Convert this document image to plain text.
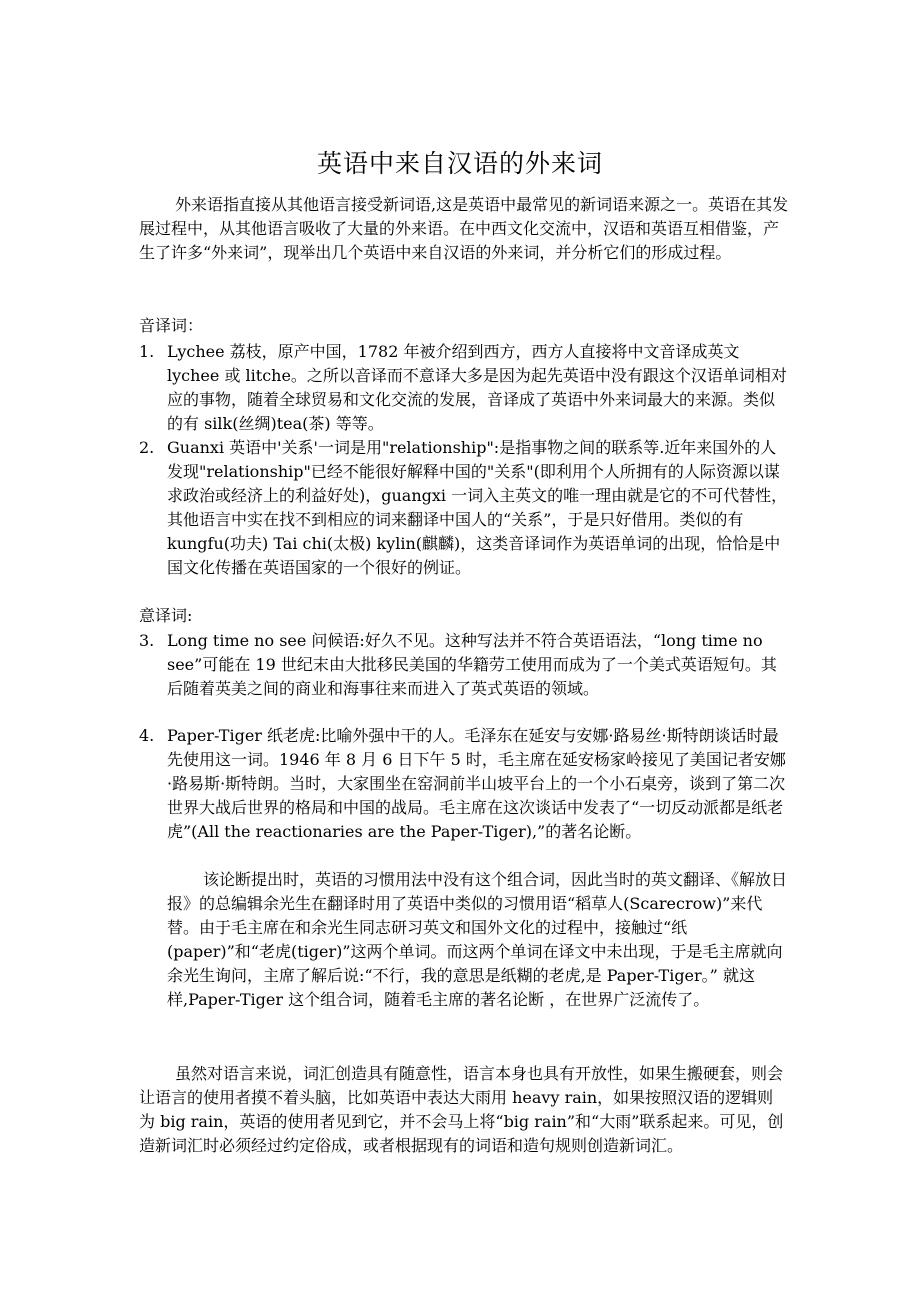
英语中来自汉语的外来词
外来语指直接从其他语言接受新词语,这是英语中最常见的新词语来源之一。英语在其发展过程中，从其他语言吸收了大量的外来语。在中西文化交流中，汉语和英语互相借鉴，产生了许多“外来词”，现举出几个英语中来自汉语的外来词，并分析它们的形成过程。
音译词：
1. Lychee 荔枝，原产中国，1782 年被介绍到西方，西方人直接将中文音译成英文 lychee 或 litche。之所以音译而不意译大多是因为起先英语中没有跟这个汉语单词相对应的事物，随着全球贸易和文化交流的发展，音译成了英语中外来词最大的来源。类似的有 silk(丝绸)tea(茶) 等等。
2. Guanxi 英语中'关系'一词是用"relationship":是指事物之间的联系等.近年来国外的人发现"relationship"已经不能很好解释中国的"关系"(即利用个人所拥有的人际资源以谋求政治或经济上的利益好处)，guangxi 一词入主英文的唯一理由就是它的不可代替性，其他语言中实在找不到相应的词来翻译中国人的“关系”，于是只好借用。类似的有 kungfu(功夫) Tai chi(太极) kylin(麒麟)，这类音译词作为英语单词的出现，恰恰是中国文化传播在英语国家的一个很好的例证。
意译词:
3. Long time no see 问候语:好久不见。这种写法并不符合英语语法，“long time no see”可能在 19 世纪末由大批移民美国的华籍劳工使用而成为了一个美式英语短句。其后随着英美之间的商业和海事往来而进入了英式英语的领域。
4. Paper-Tiger 纸老虎:比喻外强中干的人。毛泽东在延安与安娜·路易丝·斯特朗谈话时最先使用这一词。1946 年 8 月 6 日下午 5 时，毛主席在延安杨家岭接见了美国记者安娜·路易斯·斯特朗。当时，大家围坐在窑洞前半山坡平台上的一个小石桌旁，谈到了第二次世界大战后世界的格局和中国的战局。毛主席在这次谈话中发表了“一切反动派都是纸老虎”(All the reactionaries are the Paper-Tiger),”的著名论断。
该论断提出时，英语的习惯用法中没有这个组合词，因此当时的英文翻译、《解放日报》的总编辑余光生在翻译时用了英语中类似的习惯用语“稻草人(Scarecrow)”来代替。由于毛主席在和余光生同志研习英文和国外文化的过程中，接触过“纸(paper)”和“老虎(tiger)”这两个单词。而这两个单词在译文中未出现，于是毛主席就向余光生询问，主席了解后说:“不行，我的意思是纸糊的老虎,是 Paper-Tiger。” 就这样,Paper-Tiger 这个组合词，随着毛主席的著名论断 ，在世界广泛流传了。
虽然对语言来说，词汇创造具有随意性，语言本身也具有开放性，如果生搬硬套，则会让语言的使用者摸不着头脑，比如英语中表达大雨用 heavy rain，如果按照汉语的逻辑则为 big rain，英语的使用者见到它，并不会马上将“big rain”和“大雨”联系起来。可见，创造新词汇时必须经过约定俗成，或者根据现有的词语和造句规则创造新词汇。
